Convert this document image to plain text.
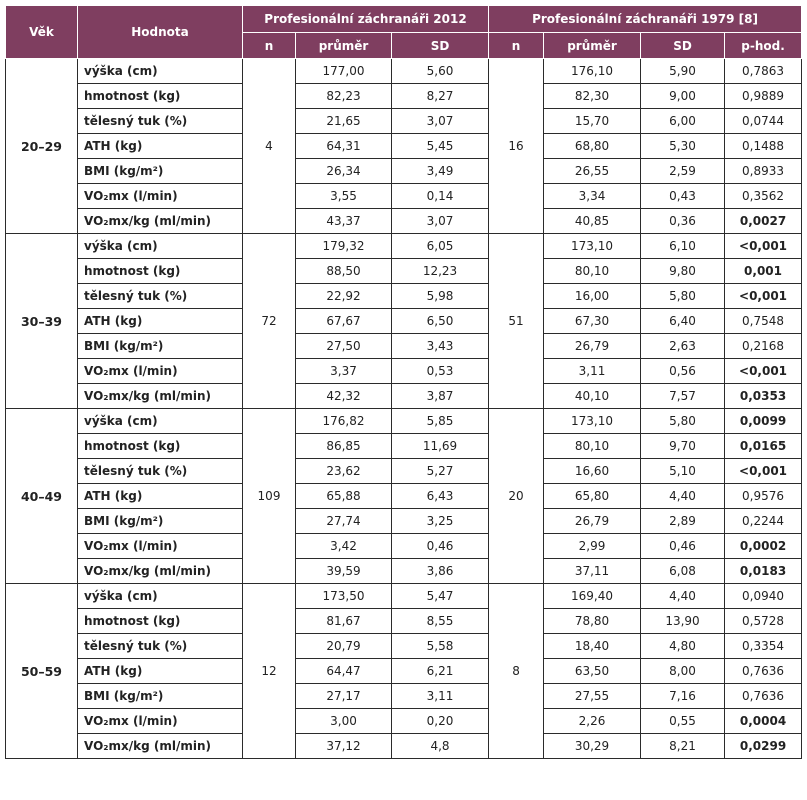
Věk	Hodnota	Profesionální záchranáři 2012			Profesionální záchranáři 1979 [8]			
		n	průměr	SD	n	průměr	SD	p-hod.
20–29	výška (cm)	4	177,00	5,60	16	176,10	5,90	0,7863
	hmotnost (kg)		82,23	8,27		82,30	9,00	0,9889
	tělesný tuk (%)		21,65	3,07		15,70	6,00	0,0744
	ATH (kg)		64,31	5,45		68,80	5,30	0,1488
	BMI (kg/m²)		26,34	3,49		26,55	2,59	0,8933
	VO₂mx (l/min)		3,55	0,14		3,34	0,43	0,3562
	VO₂mx/kg (ml/min)		43,37	3,07		40,85	0,36	0,0027
30–39	výška (cm)	72	179,32	6,05	51	173,10	6,10	<0,001
	hmotnost (kg)		88,50	12,23		80,10	9,80	0,001
	tělesný tuk (%)		22,92	5,98		16,00	5,80	<0,001
	ATH (kg)		67,67	6,50		67,30	6,40	0,7548
	BMI (kg/m²)		27,50	3,43		26,79	2,63	0,2168
	VO₂mx (l/min)		3,37	0,53		3,11	0,56	<0,001
	VO₂mx/kg (ml/min)		42,32	3,87		40,10	7,57	0,0353
40–49	výška (cm)	109	176,82	5,85	20	173,10	5,80	0,0099
	hmotnost (kg)		86,85	11,69		80,10	9,70	0,0165
	tělesný tuk (%)		23,62	5,27		16,60	5,10	<0,001
	ATH (kg)		65,88	6,43		65,80	4,40	0,9576
	BMI (kg/m²)		27,74	3,25		26,79	2,89	0,2244
	VO₂mx (l/min)		3,42	0,46		2,99	0,46	0,0002
	VO₂mx/kg (ml/min)		39,59	3,86		37,11	6,08	0,0183
50–59	výška (cm)	12	173,50	5,47	8	169,40	4,40	0,0940
	hmotnost (kg)		81,67	8,55		78,80	13,90	0,5728
	tělesný tuk (%)		20,79	5,58		18,40	4,80	0,3354
	ATH (kg)		64,47	6,21		63,50	8,00	0,7636
	BMI (kg/m²)		27,17	3,11		27,55	7,16	0,7636
	VO₂mx (l/min)		3,00	0,20		2,26	0,55	0,0004
	VO₂mx/kg (ml/min)		37,12	4,8		30,29	8,21	0,0299
